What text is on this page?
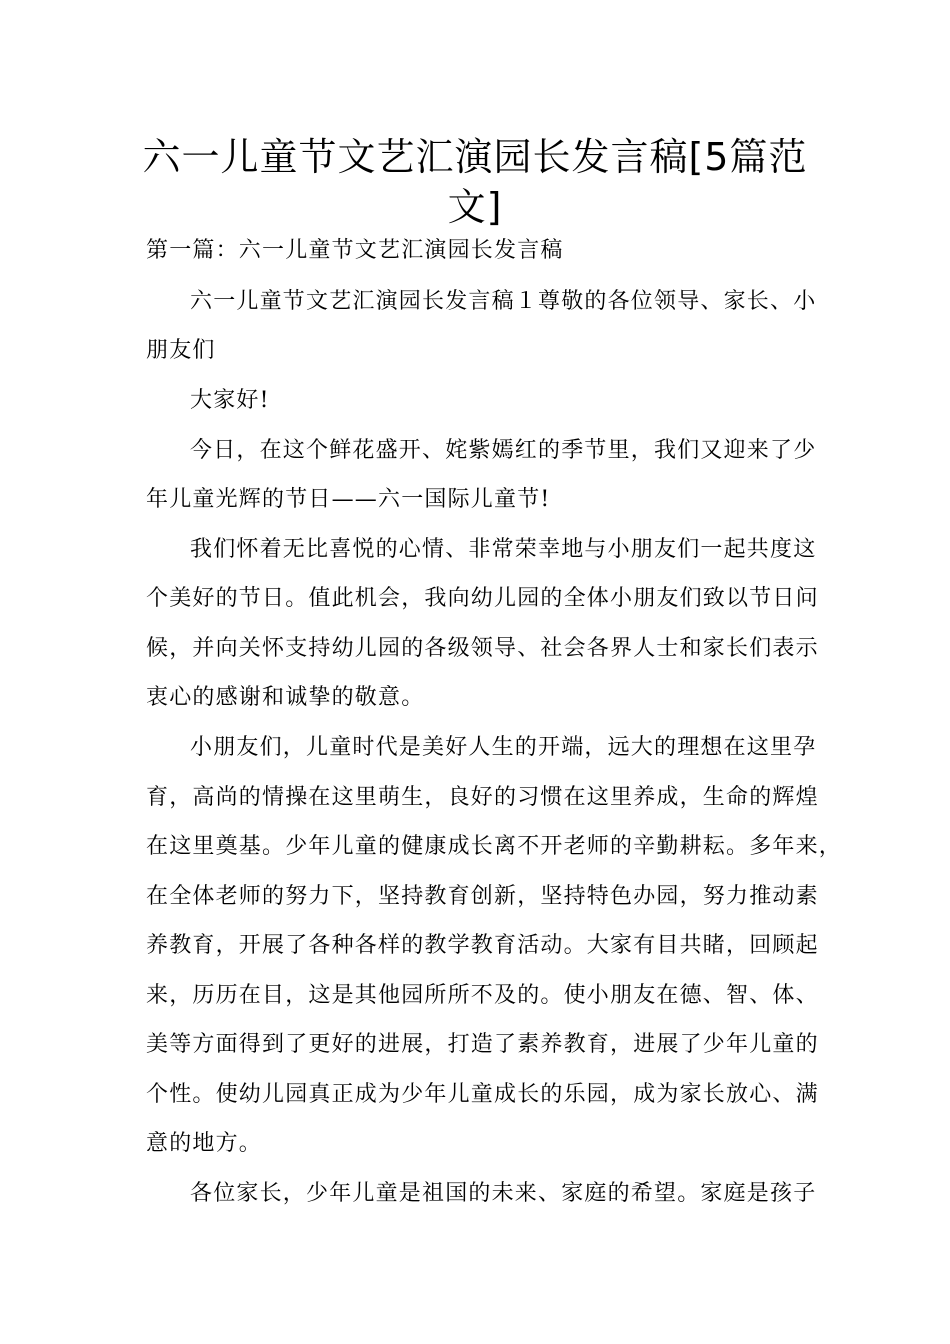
六一儿童节文艺汇演园长发言稿[5篇范
文]
第一篇：六一儿童节文艺汇演园长发言稿
六一儿童节文艺汇演园长发言稿１尊敬的各位领导、家长、小
朋友们
大家好!
今日，在这个鲜花盛开、姹紫嫣红的季节里，我们又迎来了少
年儿童光辉的节日——六一国际儿童节!
我们怀着无比喜悦的心情、非常荣幸地与小朋友们一起共度这
个美好的节日。值此机会，我向幼儿园的全体小朋友们致以节日问
候，并向关怀支持幼儿园的各级领导、社会各界人士和家长们表示
衷心的感谢和诚挚的敬意。
小朋友们，儿童时代是美好人生的开端，远大的理想在这里孕
育，高尚的情操在这里萌生，良好的习惯在这里养成，生命的辉煌
在这里奠基。少年儿童的健康成长离不开老师的辛勤耕耘。多年来，
在全体老师的努力下，坚持教育创新，坚持特色办园，努力推动素
养教育，开展了各种各样的教学教育活动。大家有目共睹，回顾起
来，历历在目，这是其他园所所不及的。使小朋友在德、智、体、
美等方面得到了更好的进展，打造了素养教育，进展了少年儿童的
个性。使幼儿园真正成为少年儿童成长的乐园，成为家长放心、满
意的地方。
各位家长，少年儿童是祖国的未来、家庭的希望。家庭是孩子
